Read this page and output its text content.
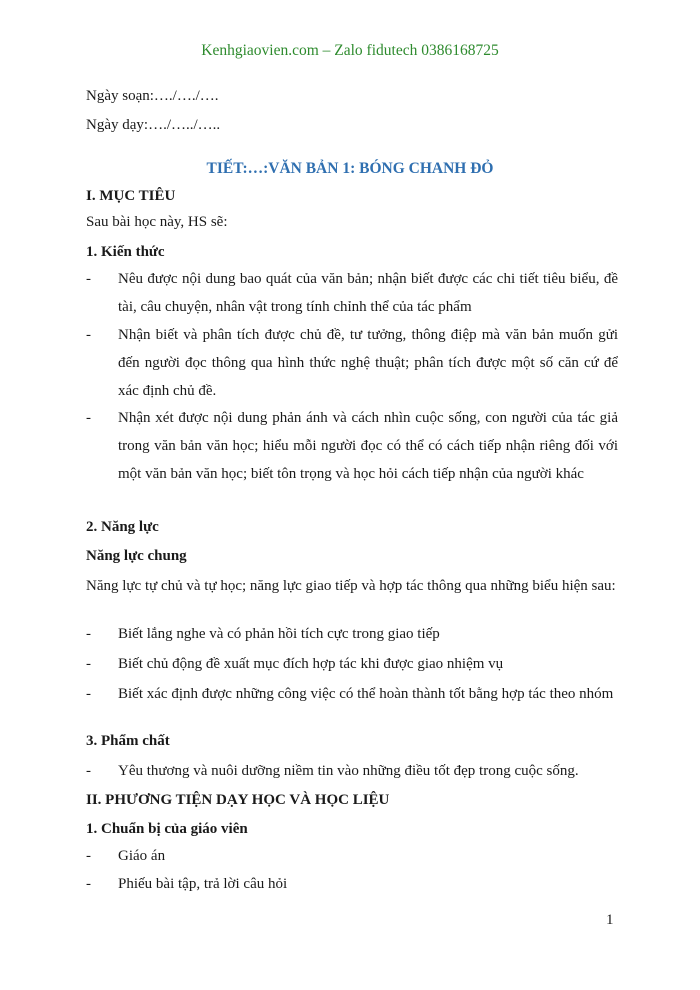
Kenhgiaovien.com – Zalo fidutech 0386168725
Ngày soạn:…./…./….
Ngày dạy:…./…../…..
TIẾT:…:VĂN BẢN 1: BÓNG CHANH ĐỎ
I. MỤC TIÊU
Sau bài học này, HS sẽ:
1. Kiến thức
- Nêu được nội dung bao quát của văn bản; nhận biết được các chi tiết tiêu biểu, đề tài, câu chuyện, nhân vật trong tính chỉnh thể của tác phẩm
- Nhận biết và phân tích được chủ đề, tư tưởng, thông điệp mà văn bản muốn gửi đến người đọc thông qua hình thức nghệ thuật; phân tích được một số căn cứ để xác định chủ đề.
- Nhận xét được nội dung phản ánh và cách nhìn cuộc sống, con người của tác giả trong văn bản văn học; hiểu mỗi người đọc có thể có cách tiếp nhận riêng đối với một văn bản văn học; biết tôn trọng và học hỏi cách tiếp nhận của người khác
2. Năng lực
Năng lực chung
Năng lực tự chủ và tự học; năng lực giao tiếp và hợp tác thông qua những biểu hiện sau:
- Biết lắng nghe và có phản hồi tích cực trong giao tiếp
- Biết chủ động đề xuất mục đích hợp tác khi được giao nhiệm vụ
- Biết xác định được những công việc có thể hoàn thành tốt bằng hợp tác theo nhóm
3. Phẩm chất
- Yêu thương và nuôi dưỡng niềm tin vào những điều tốt đẹp trong cuộc sống.
II. PHƯƠNG TIỆN DẠY HỌC VÀ HỌC LIỆU
1. Chuẩn bị của giáo viên
- Giáo án
- Phiếu bài tập, trả lời câu hỏi
1
